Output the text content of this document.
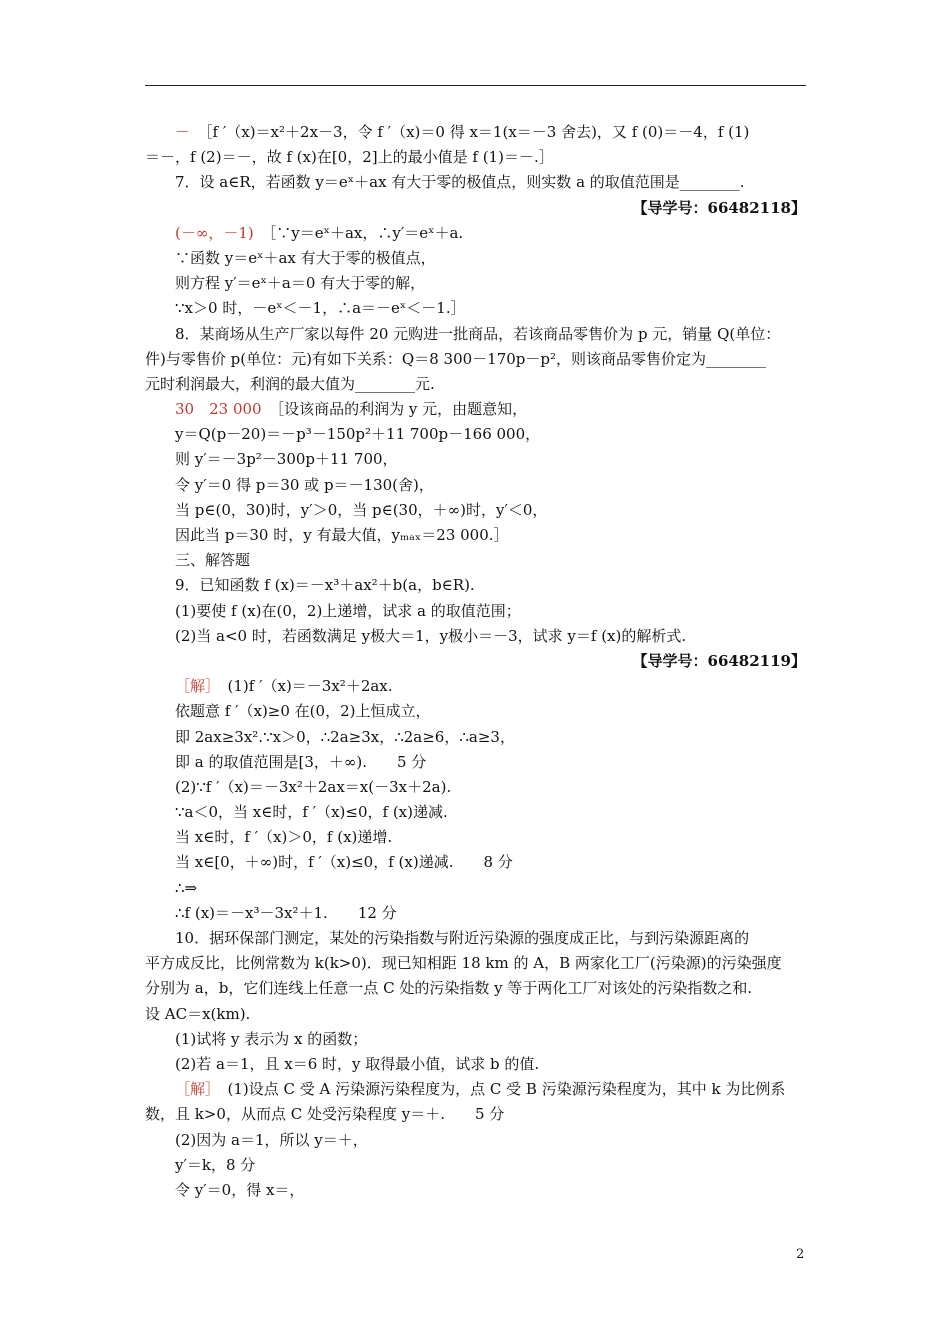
－　［f ′（x)＝x²＋2x－3，令 f ′（x)＝0 得 x＝1(x＝－3 舍去)，又 f (0)＝－4，f (1)
＝－，f (2)＝－，故 f (x)在[0，2]上的最小值是 f (1)＝－.］
7．设 a∈R，若函数 y＝eˣ＋ax 有大于零的极值点，则实数 a 的取值范围是________.
【导学号：66482118】
(－∞，－1)　［∵y＝eˣ＋ax，∴y′＝eˣ＋a.
∵函数 y＝eˣ＋ax 有大于零的极值点，
则方程 y′＝eˣ＋a＝0 有大于零的解，
∵x＞0 时，－eˣ＜－1，∴a＝－eˣ＜－1.］
8．某商场从生产厂家以每件 20 元购进一批商品，若该商品零售价为 p 元，销量 Q(单位：
件)与零售价 p(单位：元)有如下关系：Q＝8 300－170p－p²，则该商品零售价定为________
元时利润最大，利润的最大值为________元.
30　23 000　［设该商品的利润为 y 元，由题意知，
y＝Q(p－20)＝－p³－150p²＋11 700p－166 000，
则 y′＝－3p²－300p＋11 700，
令 y′＝0 得 p＝30 或 p＝－130(舍)，
当 p∈(0，30)时，y′＞0，当 p∈(30，＋∞)时，y′＜0，
因此当 p＝30 时，y 有最大值，yₘₐₓ＝23 000.］
三、解答题
9．已知函数 f (x)＝－x³＋ax²＋b(a，b∈R).
(1)要使 f (x)在(0，2)上递增，试求 a 的取值范围；
(2)当 a<0 时，若函数满足 y极大＝1，y极小＝－3，试求 y＝f (x)的解析式.
【导学号：66482119】
［解］　(1)f ′（x)＝－3x²＋2ax.
依题意 f ′（x)≥0 在(0，2)上恒成立，
即 2ax≥3x².∵x＞0，∴2a≥3x，∴2a≥6，∴a≥3，
即 a 的取值范围是[3，＋∞).　　5 分
(2)∵f ′（x)＝－3x²＋2ax＝x(－3x＋2a).
∵a＜0，当 x∈时，f ′（x)≤0，f (x)递减.
当 x∈时，f ′（x)＞0，f (x)递增.
当 x∈[0，＋∞)时，f ′（x)≤0，f (x)递减.　　8 分
∴⇒
∴f (x)＝－x³－3x²＋1.　　12 分
10．据环保部门测定，某处的污染指数与附近污染源的强度成正比，与到污染源距离的
平方成反比，比例常数为 k(k>0)．现已知相距 18 km 的 A，B 两家化工厂(污染源)的污染强度
分别为 a，b，它们连线上任意一点 C 处的污染指数 y 等于两化工厂对该处的污染指数之和.
设 AC＝x(km).
(1)试将 y 表示为 x 的函数；
(2)若 a＝1，且 x＝6 时，y 取得最小值，试求 b 的值.
［解］　(1)设点 C 受 A 污染源污染程度为，点 C 受 B 污染源污染程度为，其中 k 为比例系
数，且 k>0，从而点 C 处受污染程度 y＝＋.　　5 分
(2)因为 a＝1，所以 y＝＋，
y′＝k，8 分
令 y′＝0，得 x＝，
2
